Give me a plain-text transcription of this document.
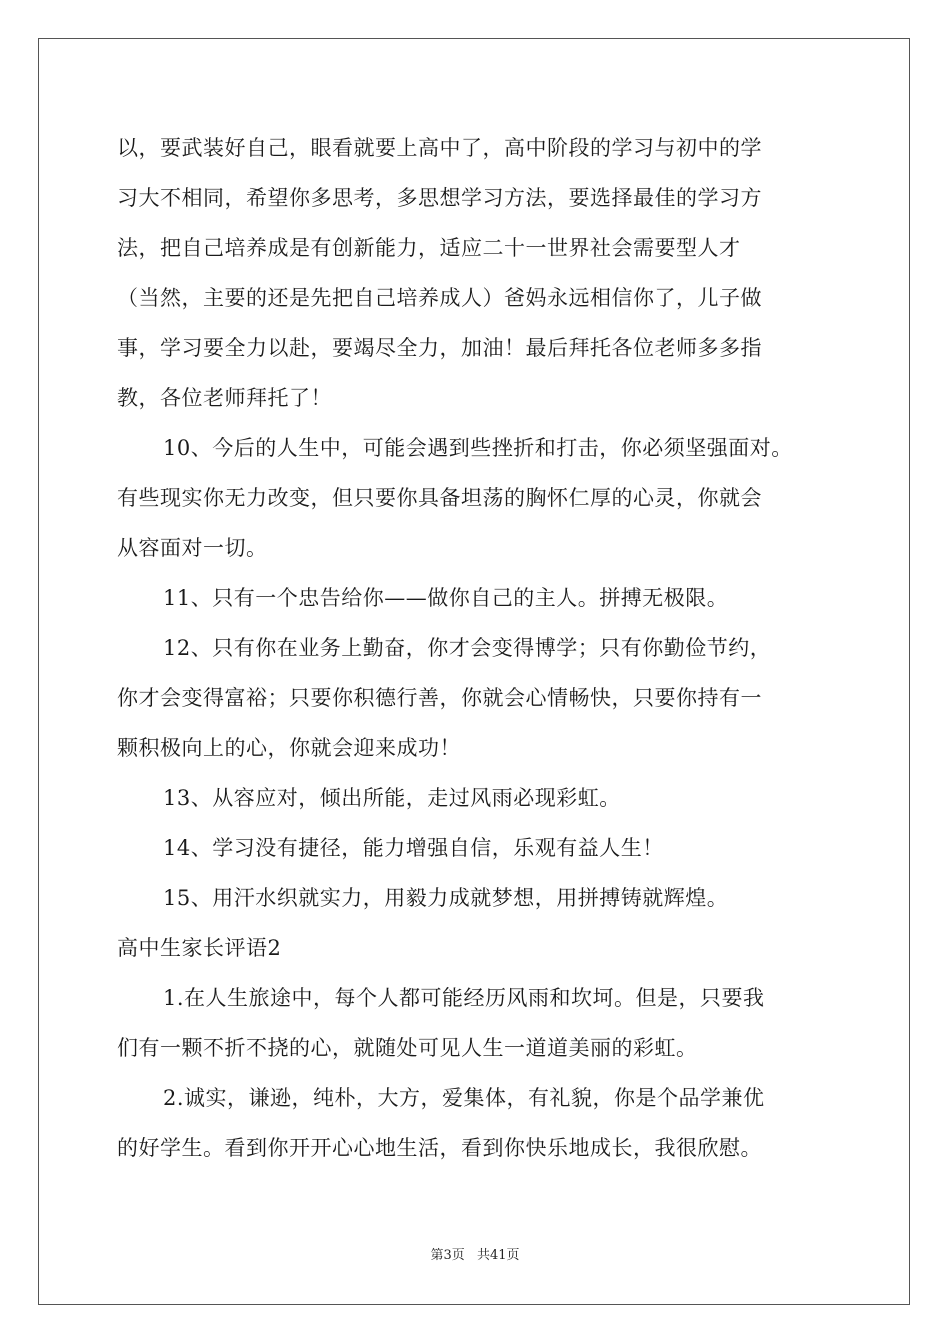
以，要武装好自己，眼看就要上高中了，高中阶段的学习与初中的学
习大不相同，希望你多思考，多思想学习方法，要选择最佳的学习方
法，把自己培养成是有创新能力，适应二十一世界社会需要型人才
（当然，主要的还是先把自己培养成人）爸妈永远相信你了，儿子做
事，学习要全力以赴，要竭尽全力，加油！最后拜托各位老师多多指
教，各位老师拜托了！
10、今后的人生中，可能会遇到些挫折和打击，你必须坚强面对。
有些现实你无力改变，但只要你具备坦荡的胸怀仁厚的心灵，你就会
从容面对一切。
11、只有一个忠告给你——做你自己的主人。拼搏无极限。
12、只有你在业务上勤奋，你才会变得博学；只有你勤俭节约，
你才会变得富裕；只要你积德行善，你就会心情畅快，只要你持有一
颗积极向上的心，你就会迎来成功！
13、从容应对，倾出所能，走过风雨必现彩虹。
14、学习没有捷径，能力增强自信，乐观有益人生！
15、用汗水织就实力，用毅力成就梦想，用拼搏铸就辉煌。
高中生家长评语2
1.在人生旅途中，每个人都可能经历风雨和坎坷。但是，只要我
们有一颗不折不挠的心，就随处可见人生一道道美丽的彩虹。
2.诚实，谦逊，纯朴，大方，爱集体，有礼貌，你是个品学兼优
的好学生。看到你开开心心地生活，看到你快乐地成长，我很欣慰。
第3页 共41页
